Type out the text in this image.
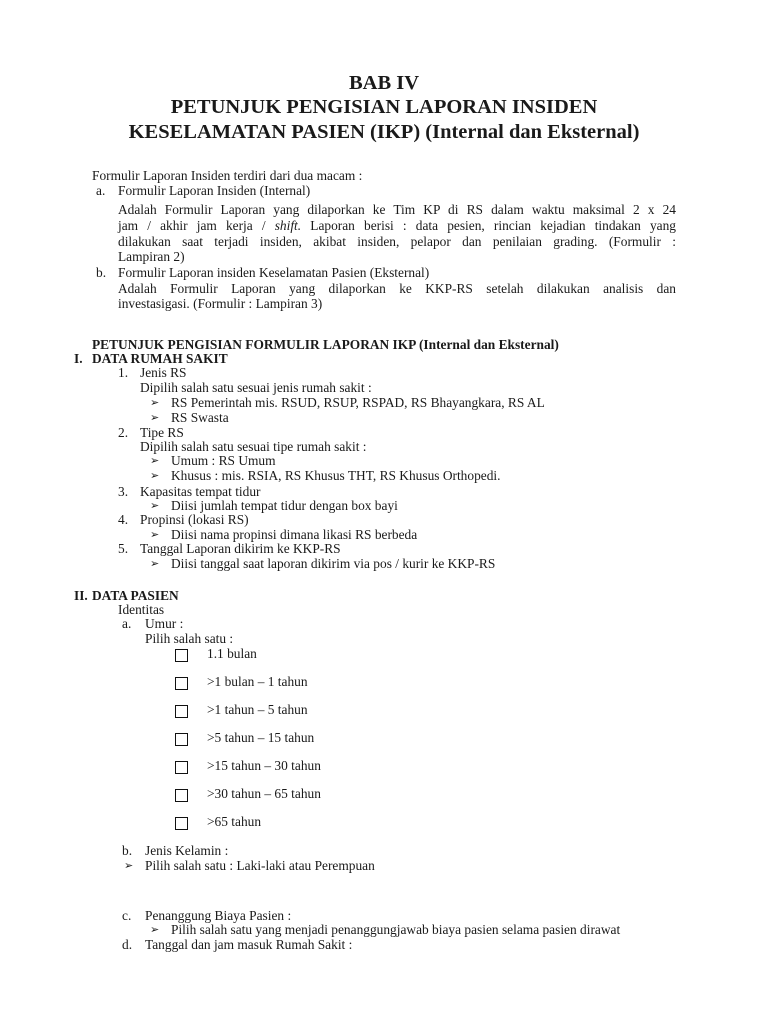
BAB IV
PETUNJUK PENGISIAN LAPORAN INSIDEN
KESELAMATAN PASIEN (IKP) (Internal dan Eksternal)
Formulir Laporan Insiden terdiri dari dua macam :
a. Formulir Laporan Insiden (Internal)
Adalah Formulir Laporan yang dilaporkan ke Tim KP di RS dalam waktu maksimal 2 x 24
jam / akhir jam kerja / shift. Laporan berisi : data pesien, rincian kejadian tindakan yang
dilakukan saat terjadi insiden, akibat insiden, pelapor dan penilaian grading. (Formulir :
Lampiran 2)
b. Formulir Laporan insiden Keselamatan Pasien (Eksternal)
Adalah Formulir Laporan yang dilaporkan ke KKP-RS setelah dilakukan analisis dan
investasigasi. (Formulir : Lampiran 3)
PETUNJUK PENGISIAN FORMULIR LAPORAN IKP (Internal dan Eksternal)
I. DATA RUMAH SAKIT
1. Jenis RS
Dipilih salah satu sesuai jenis rumah sakit :
➢ RS Pemerintah mis. RSUD, RSUP, RSPAD, RS Bhayangkara, RS AL
➢ RS Swasta
2. Tipe RS
Dipilih salah satu sesuai tipe rumah sakit :
➢ Umum : RS Umum
➢ Khusus : mis. RSIA, RS Khusus THT, RS Khusus Orthopedi.
3. Kapasitas tempat tidur
➢ Diisi jumlah tempat tidur dengan box bayi
4. Propinsi (lokasi RS)
➢ Diisi nama propinsi dimana likasi RS berbeda
5. Tanggal Laporan dikirim ke KKP-RS
➢ Diisi tanggal saat laporan dikirim via pos / kurir ke KKP-RS
II. DATA PASIEN
Identitas
a. Umur :
Pilih salah satu :
1.1 bulan
>1 bulan – 1 tahun
>1 tahun – 5 tahun
>5 tahun – 15 tahun
>15 tahun – 30 tahun
>30 tahun – 65 tahun
>65 tahun
b. Jenis Kelamin :
➢ Pilih salah satu : Laki-laki atau Perempuan
c. Penanggung Biaya Pasien :
➢ Pilih salah satu yang menjadi penanggungjawab biaya pasien selama pasien dirawat
d. Tanggal dan jam masuk Rumah Sakit :
